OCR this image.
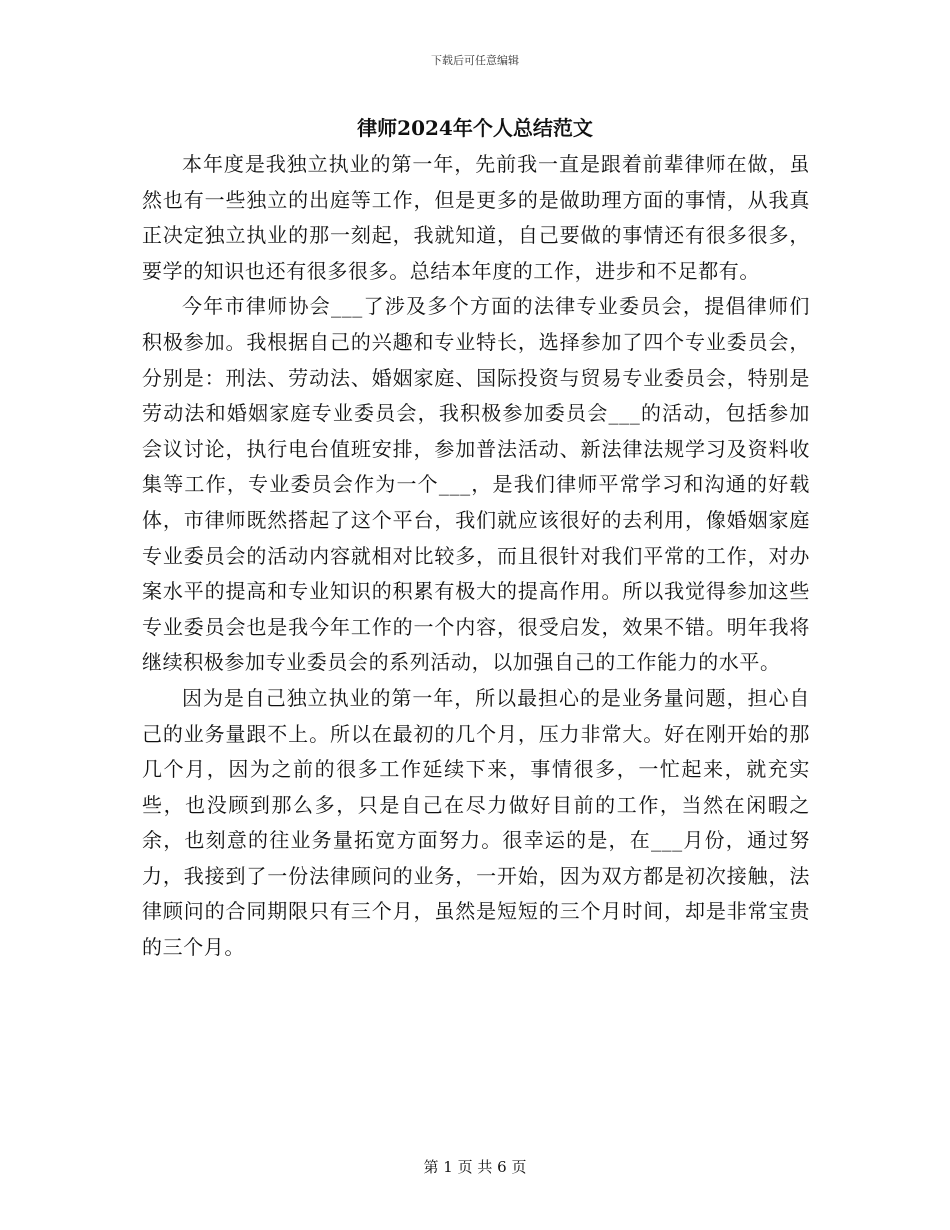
下载后可任意编辑
律师2024年个人总结范文

本年度是我独立执业的第一年，先前我一直是跟着前辈律师在做，虽然也有一些独立的出庭等工作，但是更多的是做助理方面的事情，从我真正决定独立执业的那一刻起，我就知道，自己要做的事情还有很多很多，要学的知识也还有很多很多。总结本年度的工作，进步和不足都有。

今年市律师协会___了涉及多个方面的法律专业委员会，提倡律师们积极参加。我根据自己的兴趣和专业特长，选择参加了四个专业委员会，分别是：刑法、劳动法、婚姻家庭、国际投资与贸易专业委员会，特别是劳动法和婚姻家庭专业委员会，我积极参加委员会___的活动，包括参加会议讨论，执行电台值班安排，参加普法活动、新法律法规学习及资料收集等工作，专业委员会作为一个___，是我们律师平常学习和沟通的好载体，市律师既然搭起了这个平台，我们就应该很好的去利用，像婚姻家庭专业委员会的活动内容就相对比较多，而且很针对我们平常的工作，对办案水平的提高和专业知识的积累有极大的提高作用。所以我觉得参加这些专业委员会也是我今年工作的一个内容，很受启发，效果不错。明年我将继续积极参加专业委员会的系列活动，以加强自己的工作能力的水平。

因为是自己独立执业的第一年，所以最担心的是业务量问题，担心自己的业务量跟不上。所以在最初的几个月，压力非常大。好在刚开始的那几个月，因为之前的很多工作延续下来，事情很多，一忙起来，就充实些，也没顾到那么多，只是自己在尽力做好目前的工作，当然在闲暇之余，也刻意的往业务量拓宽方面努力。很幸运的是，在___月份，通过努力，我接到了一份法律顾问的业务，一开始，因为双方都是初次接触，法律顾问的合同期限只有三个月，虽然是短短的三个月时间，却是非常宝贵的三个月。

第 1 页 共 6 页
